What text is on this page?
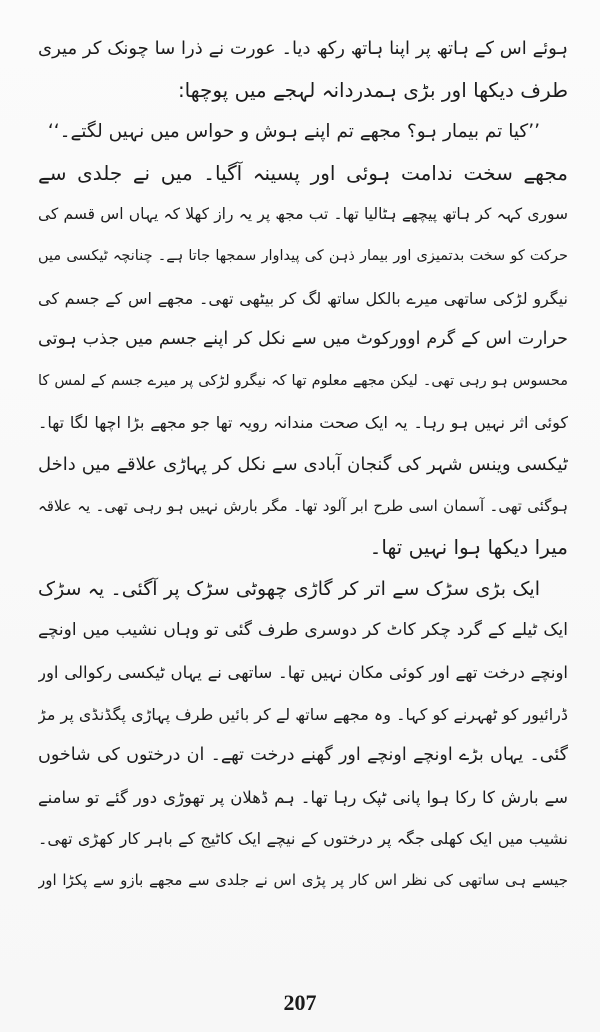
ہوئے اس کے ہاتھ پر اپنا ہاتھ رکھ دیا۔ عورت نے ذرا سا چونک کر میری
طرف دیکھا اور بڑی ہمدردانہ لہجے میں پوچھا:
’’کیا تم بیمار ہو؟ مجھے تم اپنے ہوش و حواس میں نہیں لگتے۔‘‘
مجھے سخت ندامت ہوئی اور پسینہ آگیا۔ میں نے جلدی سے
سوری کہہ کر ہاتھ پیچھے ہٹالیا تھا۔ تب مجھ پر یہ راز کھلا کہ یہاں اس قسم کی
حرکت کو سخت بدتمیزی اور بیمار ذہن کی پیداوار سمجھا جاتا ہے۔ چنانچہ ٹیکسی میں
نیگرو لڑکی ساتھی میرے بالکل ساتھ لگ کر بیٹھی تھی۔ مجھے اس کے جسم کی
حرارت اس کے گرم اوورکوٹ میں سے نکل کر اپنے جسم میں جذب ہوتی
محسوس ہو رہی تھی۔ لیکن مجھے معلوم تھا کہ نیگرو لڑکی پر میرے جسم کے لمس کا
کوئی اثر نہیں ہو رہا۔ یہ ایک صحت مندانہ رویہ تھا جو مجھے بڑا اچھا لگا تھا۔
ٹیکسی وینس شہر کی گنجان آبادی سے نکل کر پہاڑی علاقے میں داخل
ہوگئی تھی۔ آسمان اسی طرح ابر آلود تھا۔ مگر بارش نہیں ہو رہی تھی۔ یہ علاقہ
میرا دیکھا ہوا نہیں تھا۔
ایک بڑی سڑک سے اتر کر گاڑی چھوٹی سڑک پر آگئی۔ یہ سڑک
ایک ٹیلے کے گرد چکر کاٹ کر دوسری طرف گئی تو وہاں نشیب میں اونچے
اونچے درخت تھے اور کوئی مکان نہیں تھا۔ ساتھی نے یہاں ٹیکسی رکوالی اور
ڈرائیور کو ٹھہرنے کو کہا۔ وہ مجھے ساتھ لے کر بائیں طرف پہاڑی پگڈنڈی پر مڑ
گئی۔ یہاں بڑے اونچے اونچے اور گھنے درخت تھے۔ ان درختوں کی شاخوں
سے بارش کا رکا ہوا پانی ٹپک رہا تھا۔ ہم ڈھلان پر تھوڑی دور گئے تو سامنے
نشیب میں ایک کھلی جگہ پر درختوں کے نیچے ایک کاٹیج کے باہر کار کھڑی تھی۔
جیسے ہی ساتھی کی نظر اس کار پر پڑی اس نے جلدی سے مجھے بازو سے پکڑا اور
207
